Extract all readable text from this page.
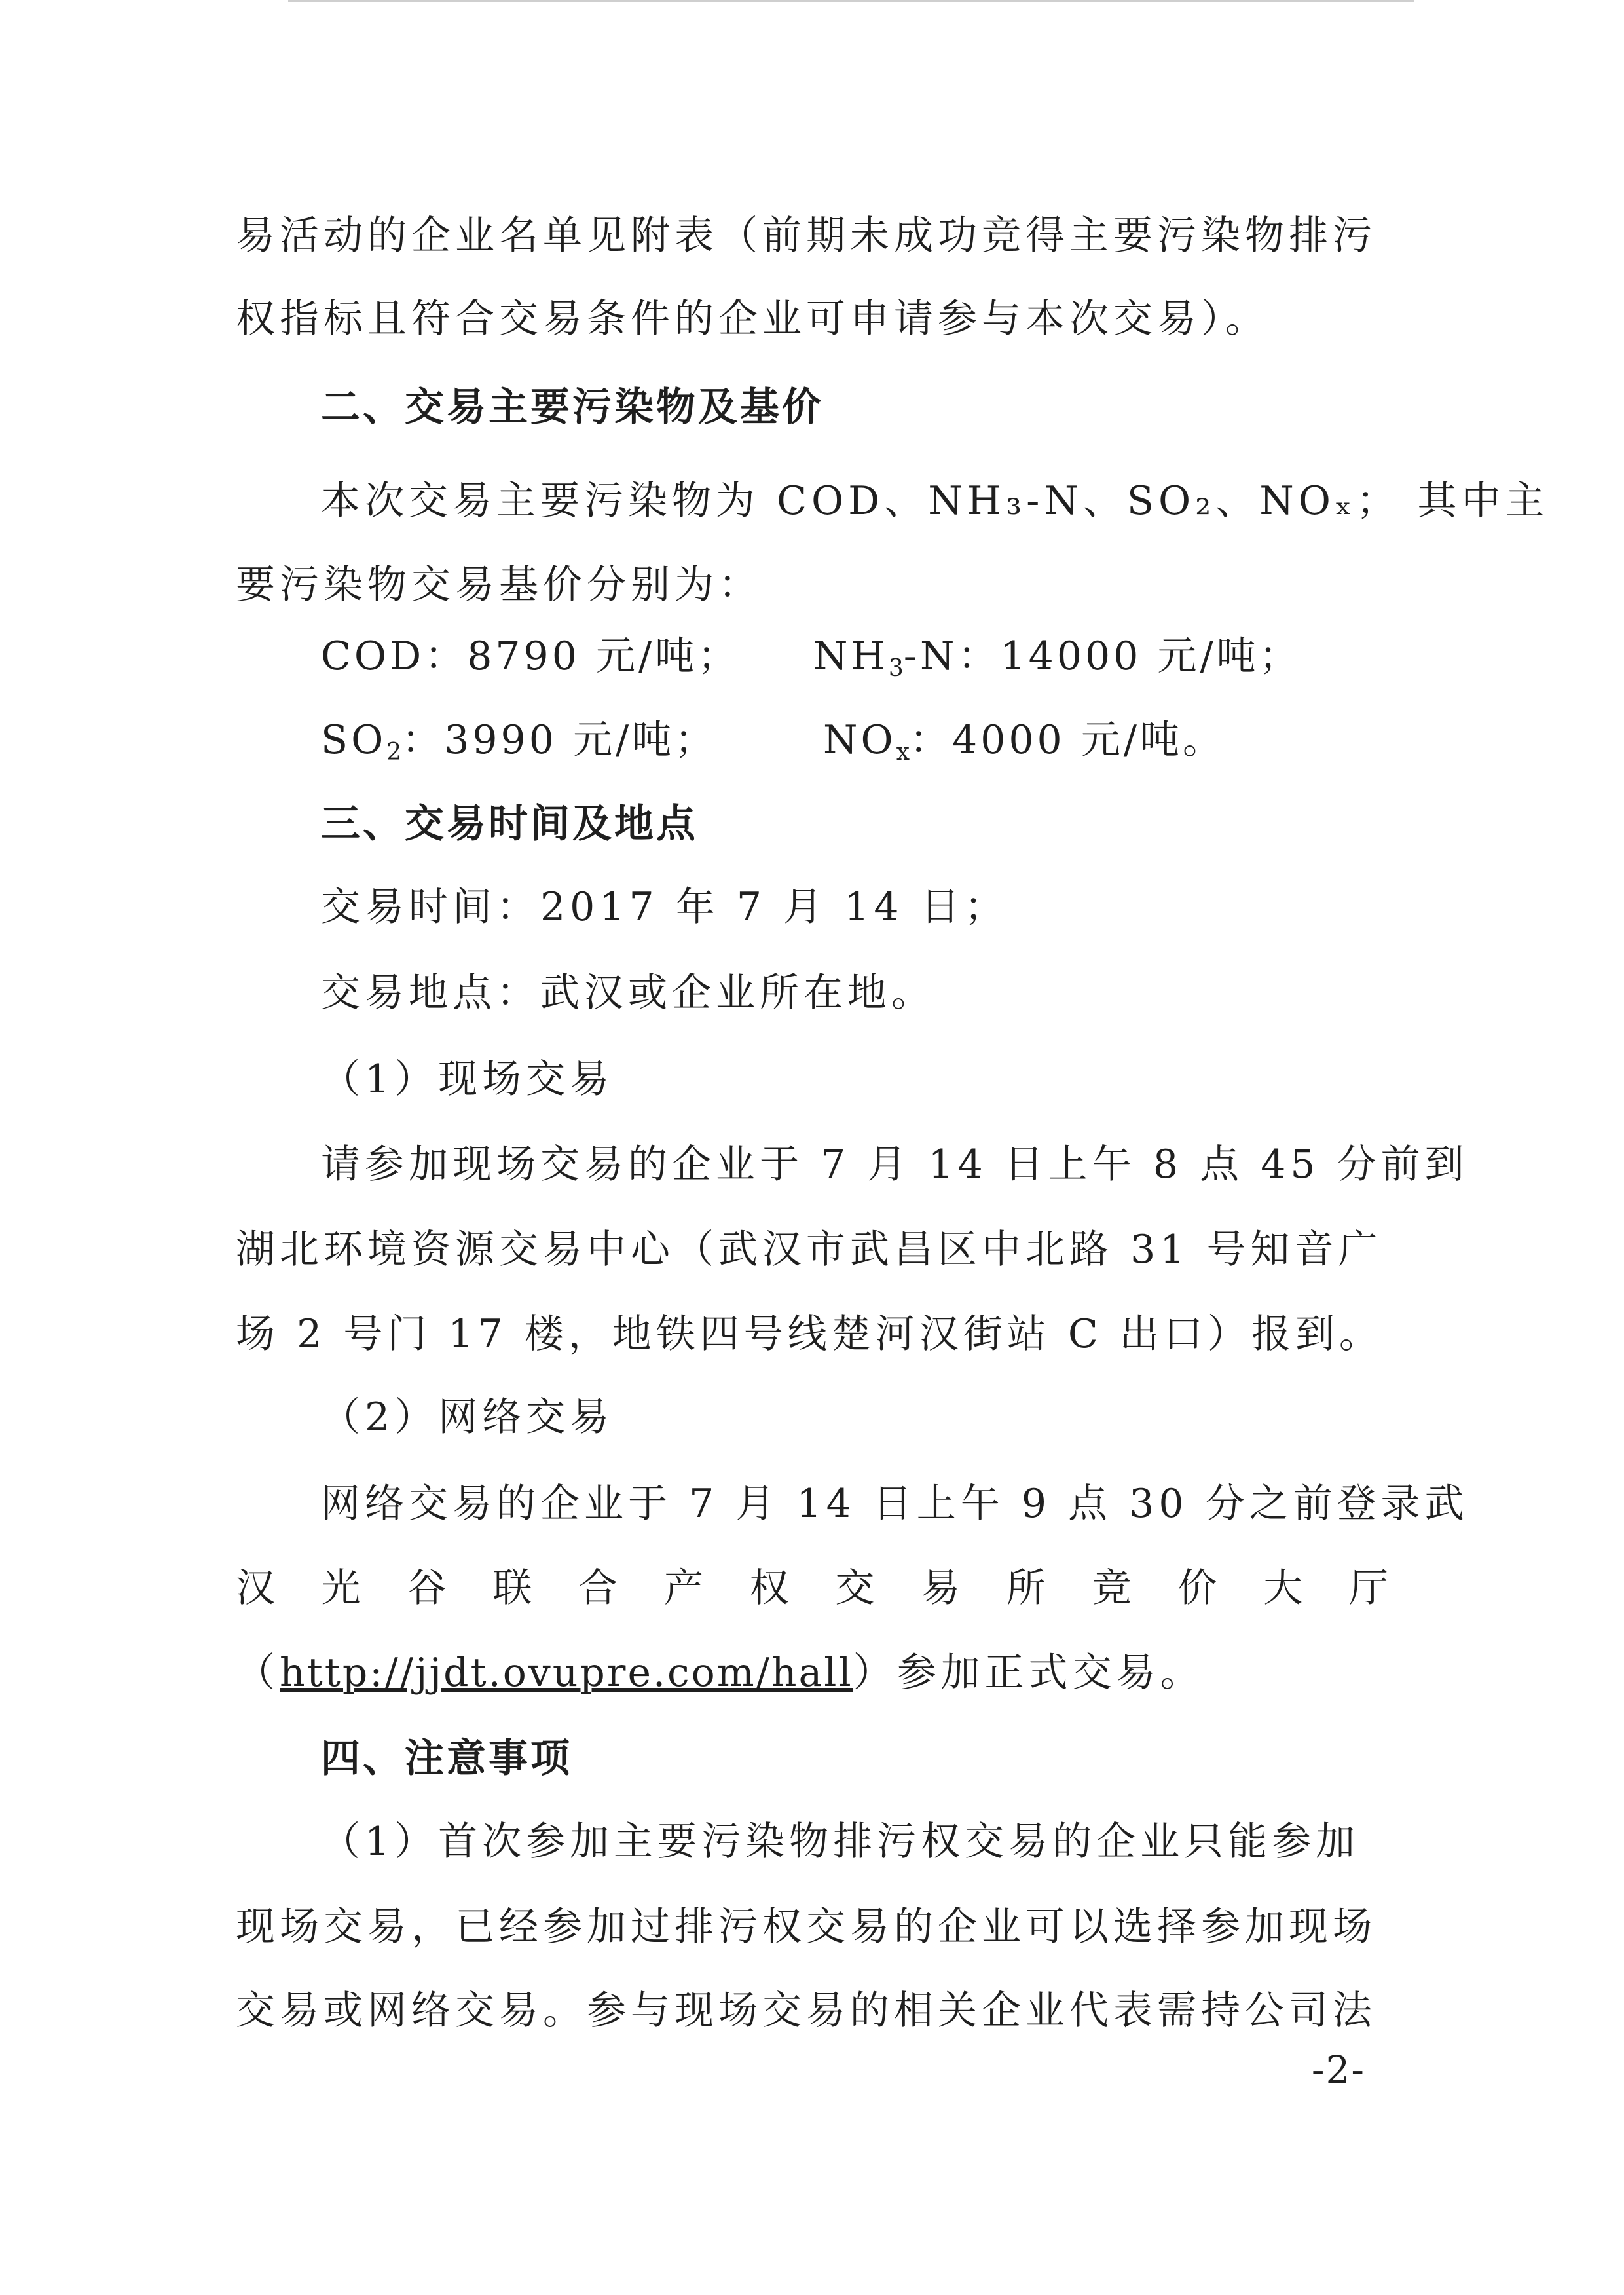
易活动的企业名单见附表（前期未成功竞得主要污染物排污
权指标且符合交易条件的企业可申请参与本次交易）。
二、交易主要污染物及基价
本次交易主要污染物为 COD、NH₃-N、SO₂、NOₓ； 其中主
要污染物交易基价分别为：
COD：8790 元/吨； $NH_3-N$：14000 元/吨；
$SO_2$：3990 元/吨；	$NO_x$：4000 元/吨。
三、交易时间及地点
交易时间：2017 年 7 月 14 日；
交易地点：武汉或企业所在地。
（1）现场交易
请参加现场交易的企业于 7 月 14 日上午 8 点 45 分前到
湖北环境资源交易中心（武汉市武昌区中北路 31 号知音广
场 2 号门 17 楼，地铁四号线楚河汉街站 C 出口）报到。
（2）网络交易
网络交易的企业于 7 月 14 日上午 9 点 30 分之前登录武
汉 光 谷 联 合 产 权 交 易 所 竞 价 大 厅
（http://jjdt.ovupre.com/hall）参加正式交易。
四、注意事项
（1）首次参加主要污染物排污权交易的企业只能参加
现场交易，已经参加过排污权交易的企业可以选择参加现场
交易或网络交易。参与现场交易的相关企业代表需持公司法
-2-
